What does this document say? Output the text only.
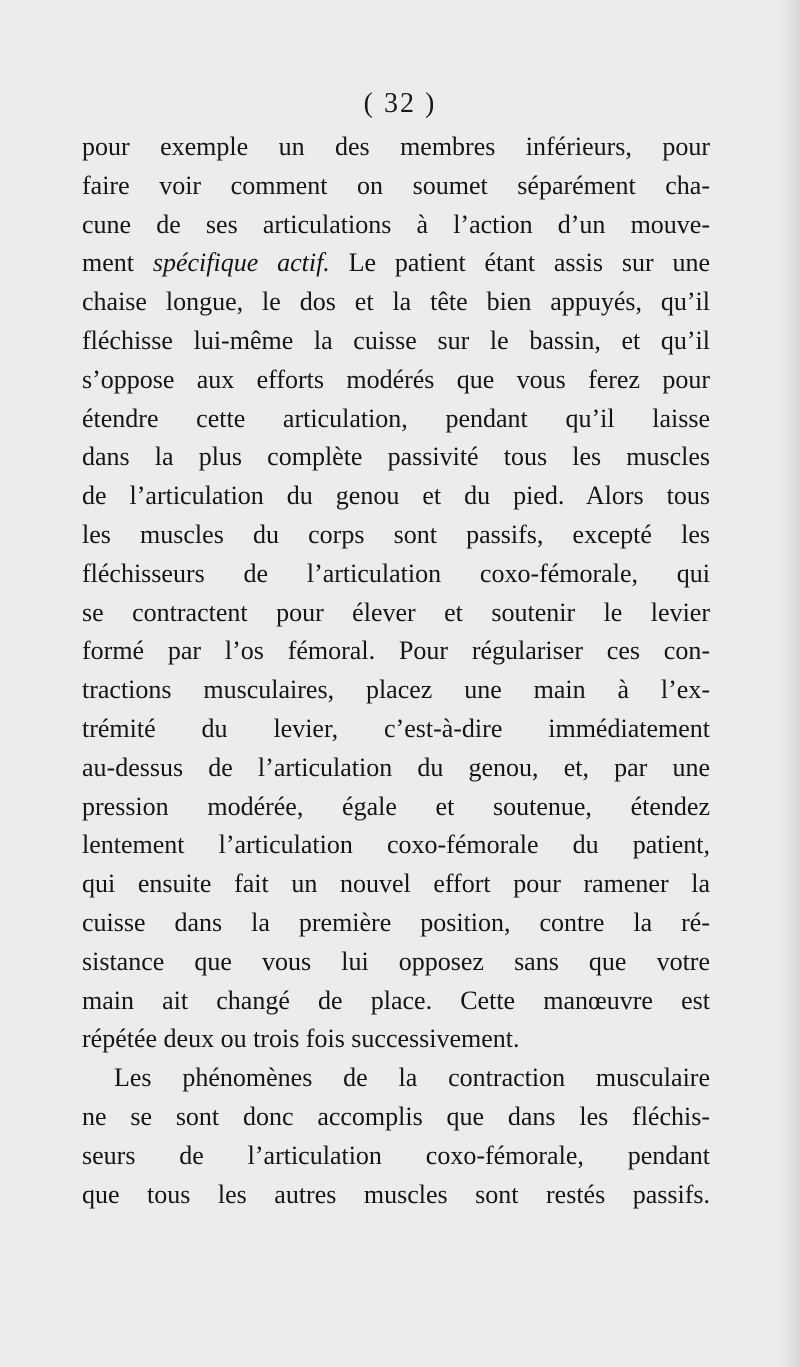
( 32 )
pour exemple un des membres inférieurs, pour
faire voir comment on soumet séparément cha-
cune de ses articulations à l’action d’un mouve-
ment spécifique actif. Le patient étant assis sur une
chaise longue, le dos et la tête bien appuyés, qu’il
fléchisse lui-même la cuisse sur le bassin, et qu’il
s’oppose aux efforts modérés que vous ferez pour
étendre cette articulation, pendant qu’il laisse
dans la plus complète passivité tous les muscles
de l’articulation du genou et du pied. Alors tous
les muscles du corps sont passifs, excepté les
fléchisseurs de l’articulation coxo-fémorale, qui
se contractent pour élever et soutenir le levier
formé par l’os fémoral. Pour régulariser ces con-
tractions musculaires, placez une main à l’ex-
trémité du levier, c’est-à-dire immédiatement
au-dessus de l’articulation du genou, et, par une
pression modérée, égale et soutenue, étendez
lentement l’articulation coxo-fémorale du patient,
qui ensuite fait un nouvel effort pour ramener la
cuisse dans la première position, contre la ré-
sistance que vous lui opposez sans que votre
main ait changé de place. Cette manœuvre est
répétée deux ou trois fois successivement.
Les phénomènes de la contraction musculaire
ne se sont donc accomplis que dans les fléchis-
seurs de l’articulation coxo-fémorale, pendant
que tous les autres muscles sont restés passifs.
